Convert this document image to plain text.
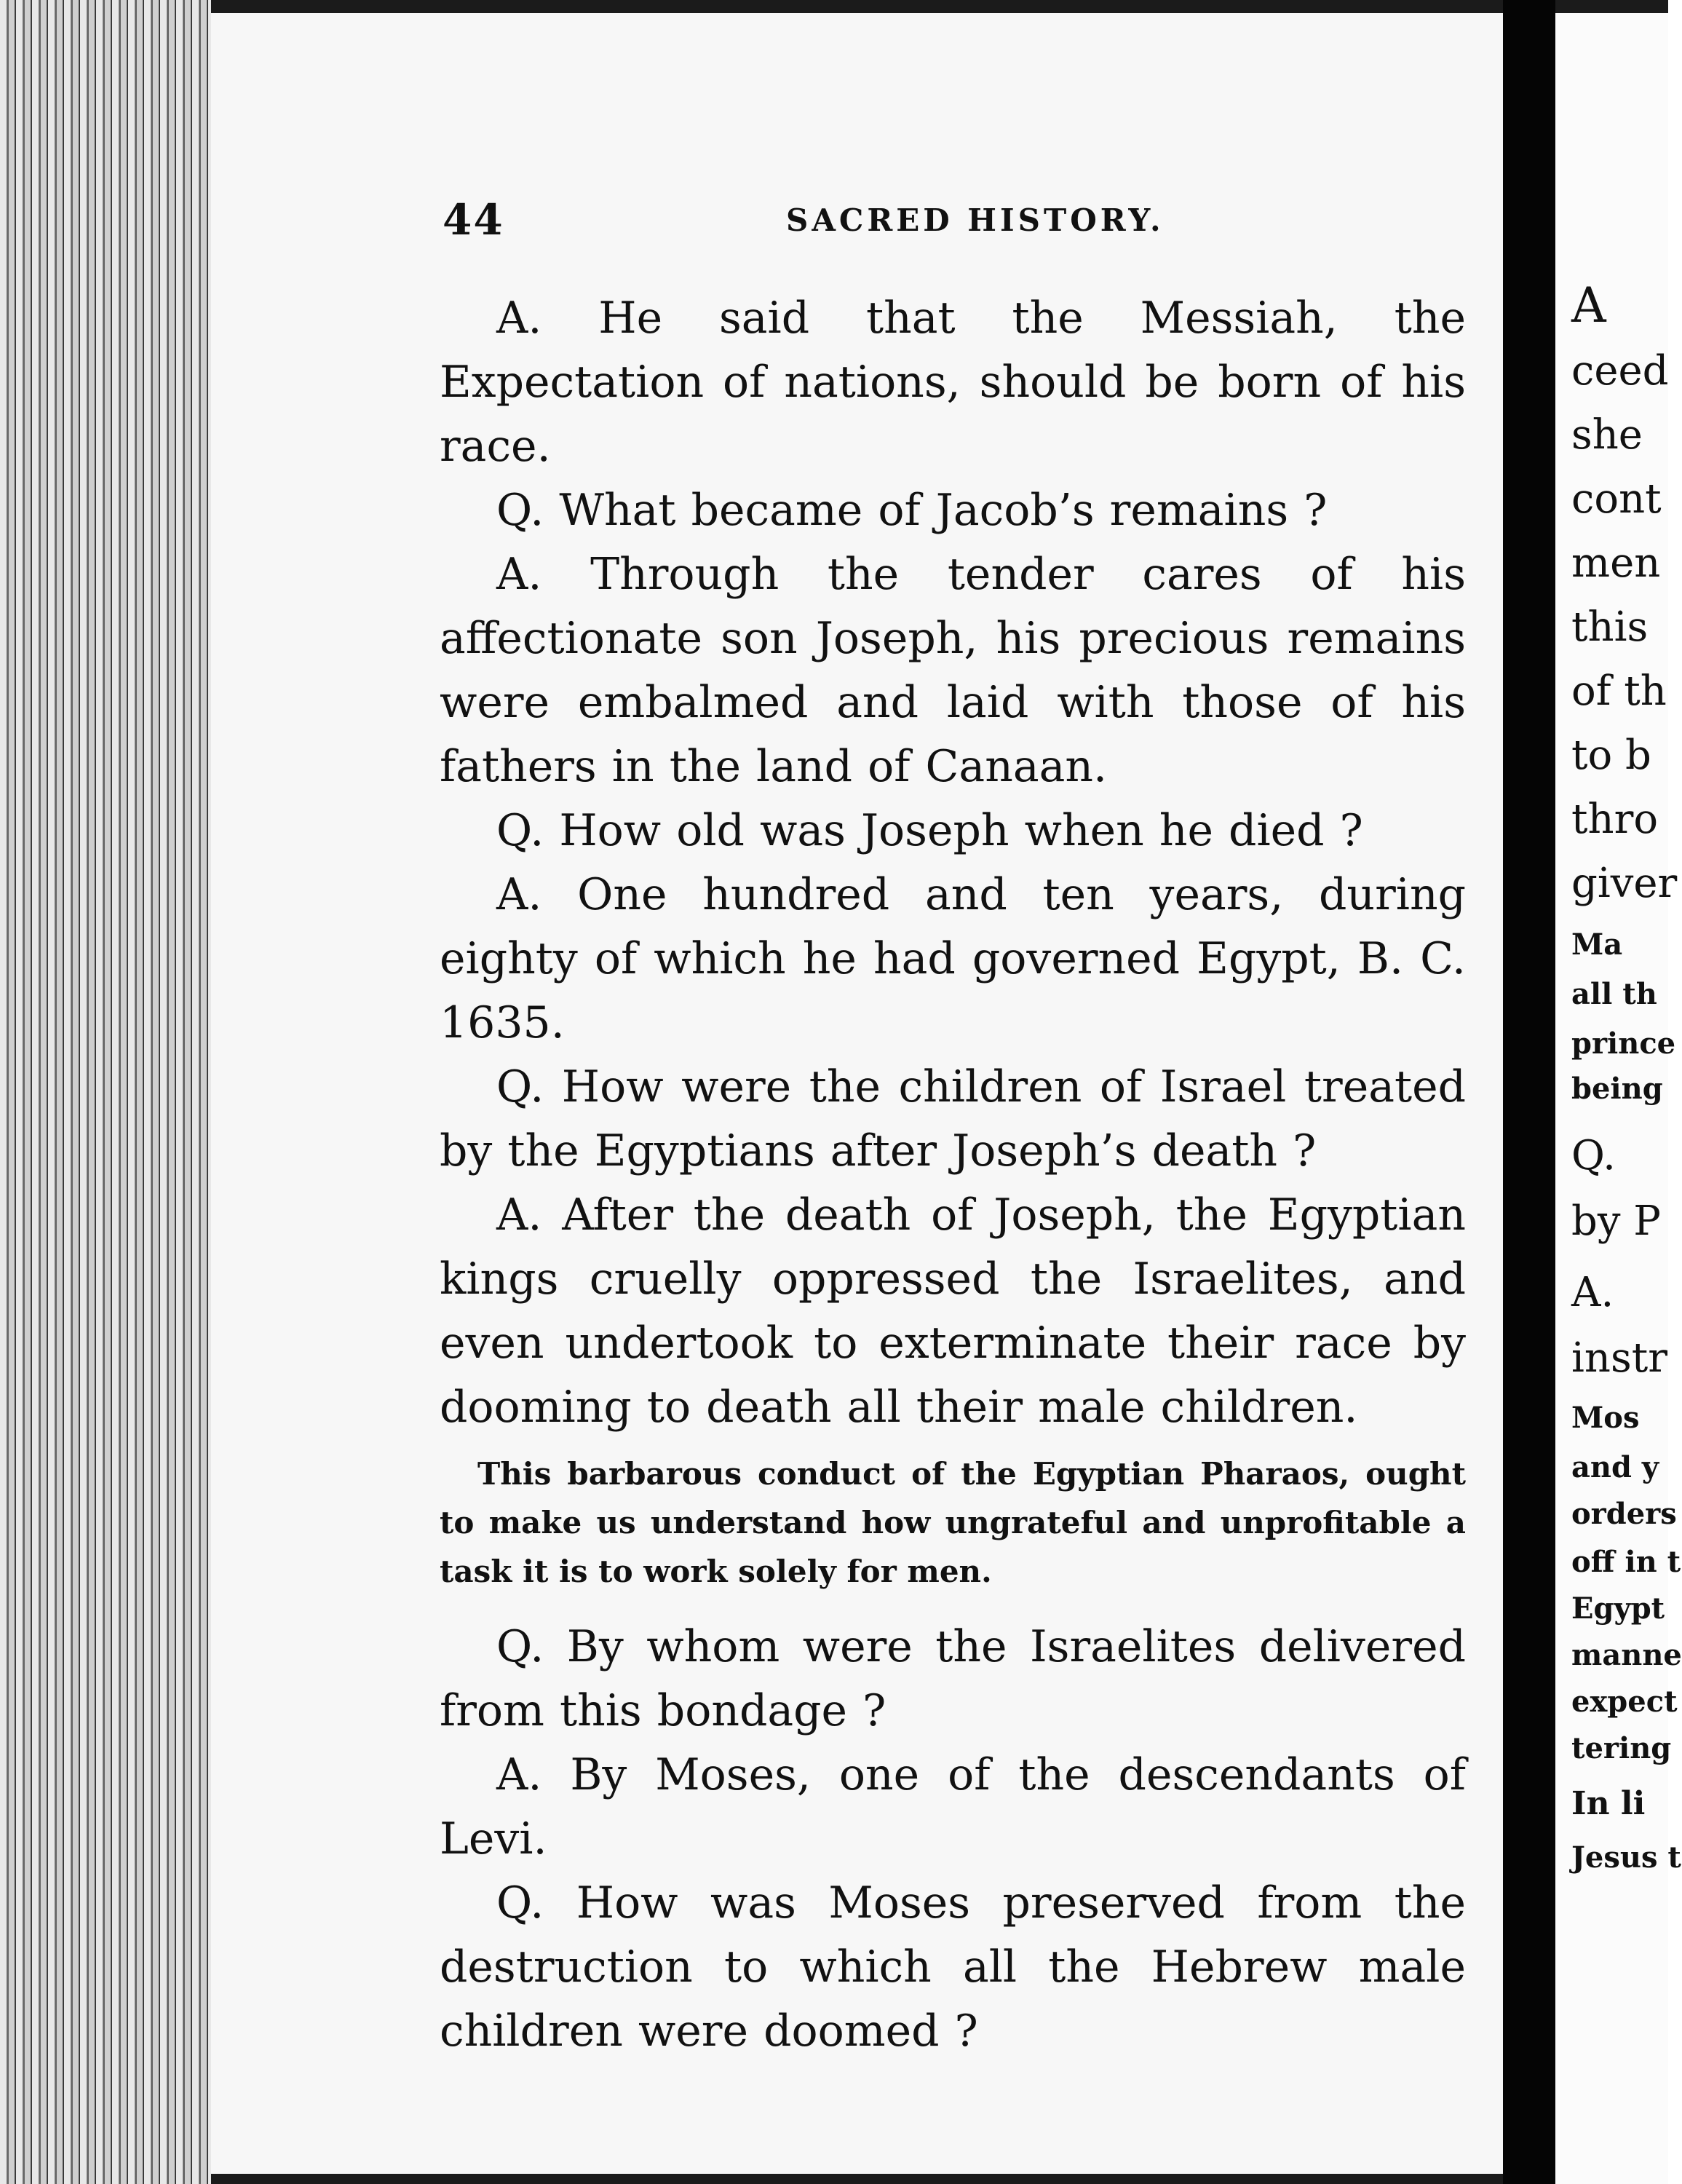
44	SACRED HISTORY.

A. He said that the Messiah, the Expectation of nations, should be born of his race.

Q. What became of Jacob’s remains ?

A. Through the tender cares of his affectionate son Joseph, his precious remains were embalmed and laid with those of his fathers in the land of Canaan.

Q. How old was Joseph when he died ?

A. One hundred and ten years, during eighty of which he had governed Egypt, B. C. 1635.

Q. How were the children of Israel treated by the Egyptians after Joseph’s death ?

A. After the death of Joseph, the Egyptian kings cruelly oppressed the Israelites, and even undertook to exterminate their race by dooming to death all their male children.

This barbarous conduct of the Egyptian Pharaos, ought to make us understand how ungrateful and unprofitable a task it is to work solely for men.

Q. By whom were the Israelites delivered from this bondage ?

A. By Moses, one of the descendants of Levi.

Q. How was Moses preserved from the destruction to which all the Hebrew male children were doomed ?

A
ceed
she
cont
men
this
of th
to b
thro
giver
Ma
all th
prince
being
Q.
by P
A.
instr
Mos
and y
orders
off in t
Egypt
manne
expect
tering
In li
Jesus t
